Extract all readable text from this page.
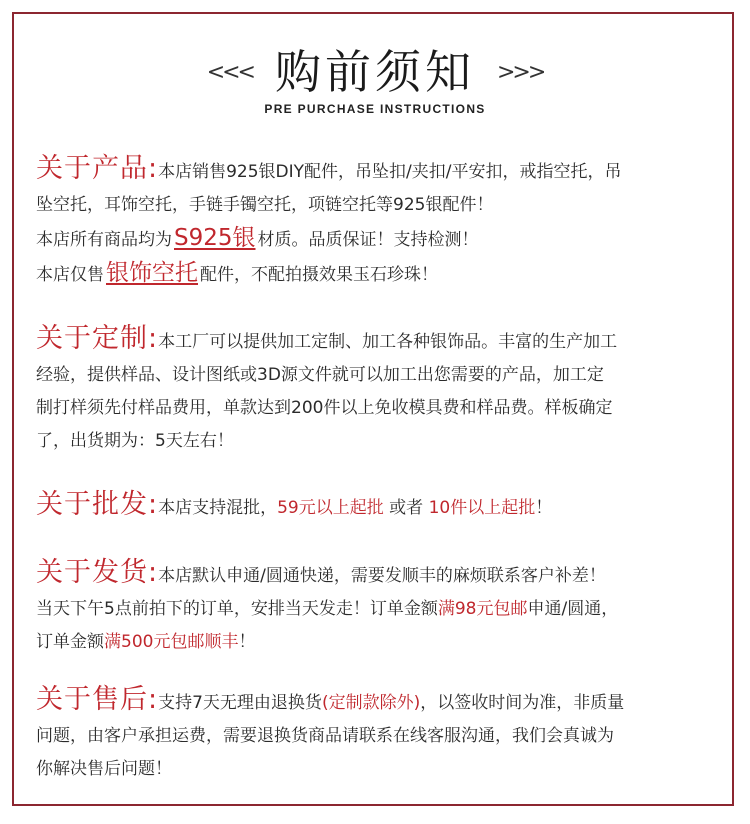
<<< 购前须知 >>>
PRE PURCHASE INSTRUCTIONS
关于产品:本店销售925银DIY配件，吊坠扣/夹扣/平安扣，戒指空托，吊
坠空托，耳饰空托，手链手镯空托，项链空托等925银配件！
本店所有商品均为S925银 材质。品质保证！支持检测！
本店仅售银饰空托 配件，不配拍摄效果玉石珍珠！
关于定制:本工厂可以提供加工定制、加工各种银饰品。丰富的生产加工
经验，提供样品、设计图纸或3D源文件就可以加工出您需要的产品，加工定
制打样须先付样品费用，单款达到200件以上免收模具费和样品费。样板确定
了，出货期为：5天左右！
关于批发:本店支持混批，59元以上起批 或者 10件以上起批！
关于发货:本店默认申通/圆通快递，需要发顺丰的麻烦联系客户补差！
当天下午5点前拍下的订单，安排当天发走！订单金额满98元包邮申通/圆通，
订单金额满500元包邮顺丰！
关于售后:支持7天无理由退换货(定制款除外)，以签收时间为准，非质量
问题，由客户承担运费，需要退换货商品请联系在线客服沟通，我们会真诚为
你解决售后问题！
